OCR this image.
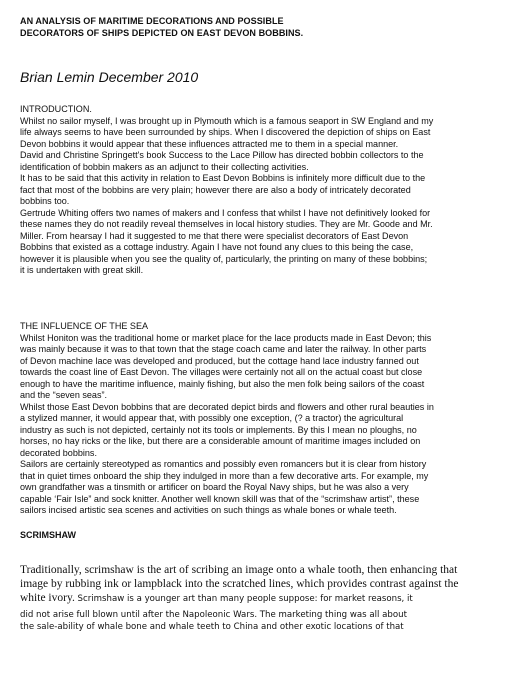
AN ANALYSIS OF MARITIME DECORATIONS AND POSSIBLE
DECORATORS OF SHIPS DEPICTED ON EAST DEVON BOBBINS.
Brian Lemin December 2010
INTRODUCTION.
Whilst no sailor myself, I was brought up in Plymouth which is a famous seaport in SW England and my
life always seems to have been surrounded by ships. When I discovered the depiction of ships on East
Devon bobbins it would appear that these influences attracted me to them in a special manner.
David and Christine Springett's book Success to the Lace Pillow has directed bobbin collectors to the
identification of bobbin makers as an adjunct to their collecting activities.
It has to be said that this activity in relation to East Devon Bobbins is infinitely more difficult due to the
fact that most of the bobbins are very plain; however there are also a body of intricately decorated
bobbins too.
Gertrude Whiting offers two names of makers and I confess that whilst I have not definitively looked for
these names they do not readily reveal themselves in local history studies. They are Mr. Goode and Mr.
Miller. From hearsay I had it suggested to me that there were specialist decorators of East Devon
Bobbins that existed as a cottage industry. Again I have not found any clues to this being the case,
however it is plausible when you see the quality of, particularly, the printing on many of these bobbins;
it is undertaken with great skill.
THE INFLUENCE OF THE SEA
Whilst Honiton was the traditional home or market place for the lace products made in East Devon; this
was mainly because it was to that town that the stage coach came and later the railway. In other parts
of Devon machine lace was developed and produced, but the cottage hand lace industry fanned out
towards the coast line of East Devon. The villages were certainly not all on the actual coast but close
enough to have the maritime influence, mainly fishing, but also the men folk being sailors of the coast
and the “seven seas”.
Whilst those East Devon bobbins that are decorated depict birds and flowers and other rural beauties in
a stylized manner, it would appear that, with possibly one exception, (? a tractor) the agricultural
industry as such is not depicted, certainly not its tools or implements. By this I mean no ploughs, no
horses, no hay ricks or the like, but there are a considerable amount of maritime images included on
decorated bobbins.
Sailors are certainly stereotyped as romantics and possibly even romancers but it is clear from history
that in quiet times onboard the ship they indulged in more than a few decorative arts. For example, my
own grandfather was a tinsmith or artificer on board the Royal Navy ships, but he was also a very
capable ‘Fair Isle” and sock knitter. Another well known skill was that of the “scrimshaw artist”, these
sailors incised artistic sea scenes and activities on such things as whale bones or whale teeth.
SCRIMSHAW
Traditionally, scrimshaw is the art of scribing an image onto a whale tooth, then enhancing that
image by rubbing ink or lampblack into the scratched lines, which provides contrast against the
white ivory. Scrimshaw is a younger art than many people suppose: for market reasons, it
did not arise full blown until after the Napoleonic Wars. The marketing thing was all about
the sale-ability of whale bone and whale teeth to China and other exotic locations of that
